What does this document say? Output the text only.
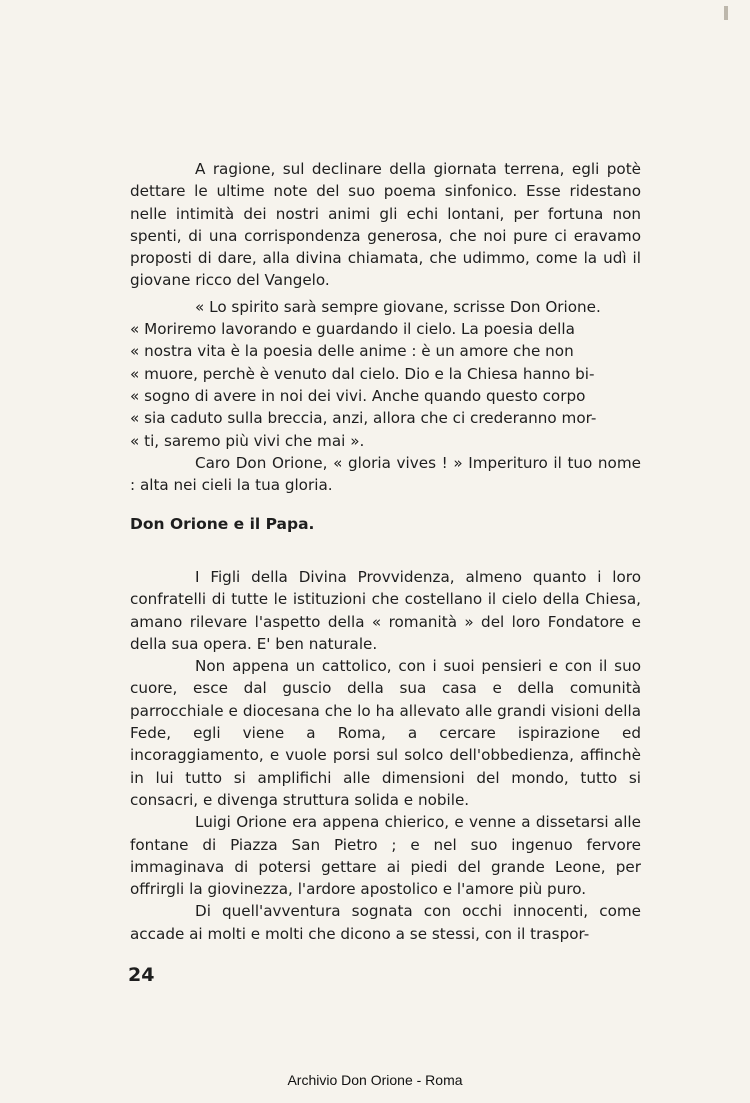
A ragione, sul declinare della giornata terrena, egli potè dettare le ultime note del suo poema sinfonico. Esse ridestano nelle intimità dei nostri animi gli echi lontani, per fortuna non spenti, di una corrispondenza generosa, che noi pure ci eravamo proposti di dare, alla divina chiamata, che udimmo, come la udì il giovane ricco del Vangelo.

« Lo spirito sarà sempre giovane, scrisse Don Orione.

« Moriremo lavorando e guardando il cielo. La poesia della

« nostra vita è la poesia delle anime : è un amore che non

« muore, perchè è venuto dal cielo. Dio e la Chiesa hanno bi-

« sogno di avere in noi dei vivi. Anche quando questo corpo

« sia caduto sulla breccia, anzi, allora che ci crederanno mor-

« ti, saremo più vivi che mai ».

Caro Don Orione, « gloria vives ! » Imperituro il tuo nome : alta nei cieli la tua gloria.

Don Orione e il Papa.

I Figli della Divina Provvidenza, almeno quanto i loro confratelli di tutte le istituzioni che costellano il cielo della Chiesa, amano rilevare l'aspetto della « romanità » del loro Fondatore e della sua opera. E' ben naturale.

Non appena un cattolico, con i suoi pensieri e con il suo cuore, esce dal guscio della sua casa e della comunità parrocchiale e diocesana che lo ha allevato alle grandi visioni della Fede, egli viene a Roma, a cercare ispirazione ed incoraggiamento, e vuole porsi sul solco dell'obbedienza, affinchè in lui tutto si amplifichi alle dimensioni del mondo, tutto si consacri, e divenga struttura solida e nobile.

Luigi Orione era appena chierico, e venne a dissetarsi alle fontane di Piazza San Pietro ; e nel suo ingenuo fervore immaginava di potersi gettare ai piedi del grande Leone, per offrirgli la giovinezza, l'ardore apostolico e l'amore più puro.

Di quell'avventura sognata con occhi innocenti, come accade ai molti e molti che dicono a se stessi, con il traspor-

24
Archivio Don Orione - Roma
